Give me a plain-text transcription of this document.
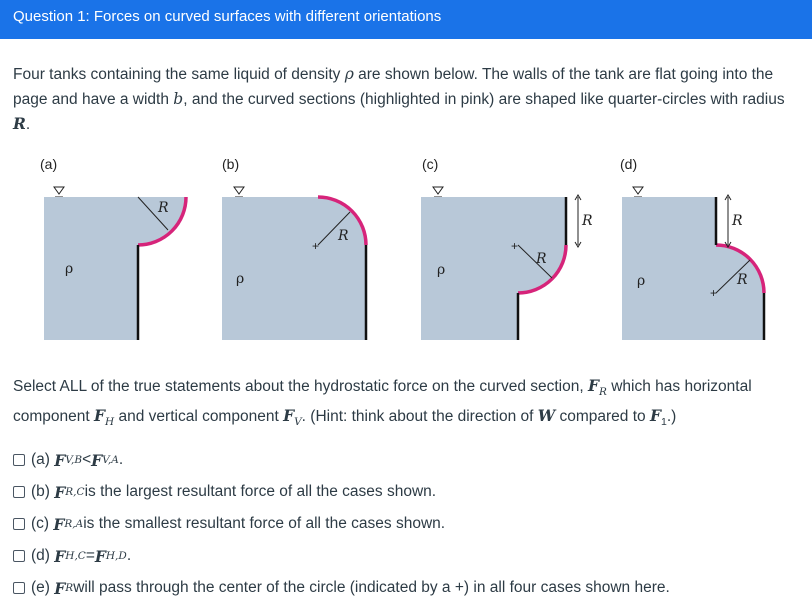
Question 1: Forces on curved surfaces with different orientations
Four tanks containing the same liquid of density ρ are shown below. The walls of the tank are flat going into the page and have a width b, and the curved sections (highlighted in pink) are shaped like quarter-circles with radius R.
(a)	(b)	(c)	(d)
ρ
R
+
ρ
R
+
ρ
R
R
+
ρ	R
R
Select ALL of the true statements about the hydrostatic force on the curved section, $F_R$ which has horizontal component $F_H$ and vertical component $F_V$. (Hint: think about the direction of W compared to $F_1$.)
(a)
F V,B < F V,A .
(b)
F R,C is the largest resultant force of all the cases shown.
(c)
F R,A is the smallest resultant force of all the cases shown.
(d)
F H,C = F H,D .
(e)
F R will pass through the center of the circle (indicated by a +) in all four cases shown here.
